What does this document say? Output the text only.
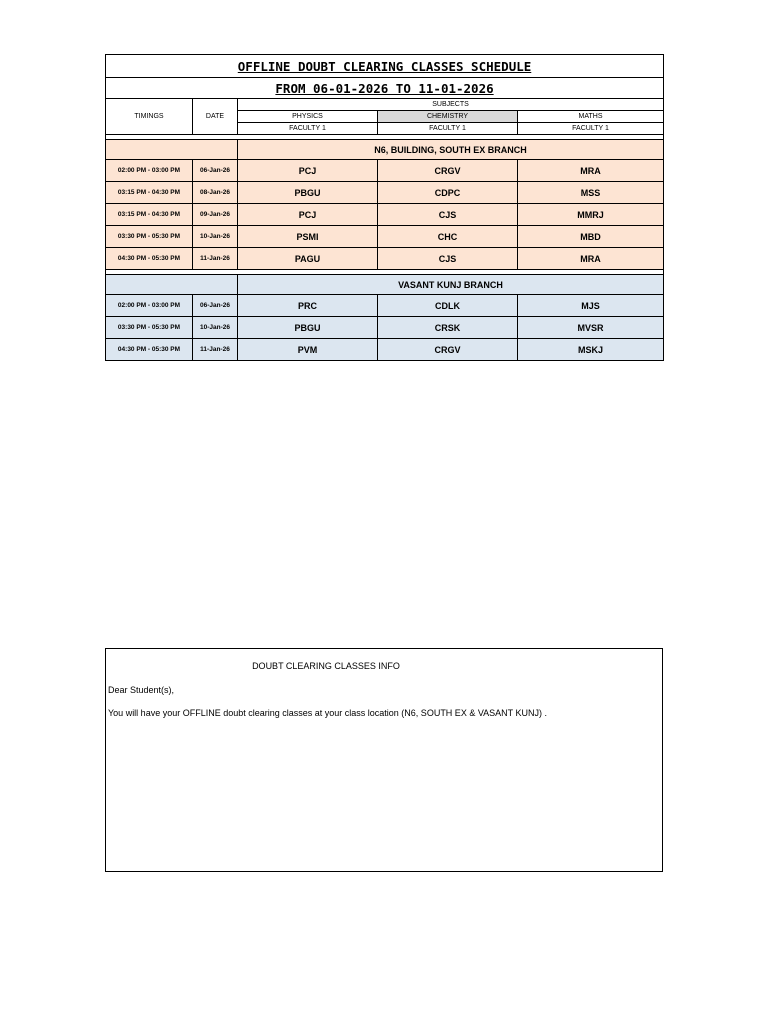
OFFLINE DOUBT CLEARING CLASSES SCHEDULE				
FROM 06-01-2026 TO 11-01-2026				
TIMINGS	DATE	SUBJECTS		
		PHYSICS	CHEMISTRY	MATHS
		FACULTY 1	FACULTY 1	FACULTY 1

		N6, BUILDING, SOUTH EX BRANCH		
02:00 PM - 03:00 PM	06-Jan-26	PCJ	CRGV	MRA
03:15 PM - 04:30 PM	08-Jan-26	PBGU	CDPC	MSS
03:15 PM - 04:30 PM	09-Jan-26	PCJ	CJS	MMRJ
03:30 PM - 05:30 PM	10-Jan-26	PSMI	CHC	MBD
04:30 PM - 05:30 PM	11-Jan-26	PAGU	CJS	MRA

		VASANT KUNJ BRANCH		
02:00 PM - 03:00 PM	06-Jan-26	PRC	CDLK	MJS
03:30 PM - 05:30 PM	10-Jan-26	PBGU	CRSK	MVSR
04:30 PM - 05:30 PM	11-Jan-26	PVM	CRGV	MSKJ
DOUBT CLEARING CLASSES INFO
Dear Student(s),
You will have your OFFLINE doubt clearing classes at your class location (N6, SOUTH EX & VASANT KUNJ) .
